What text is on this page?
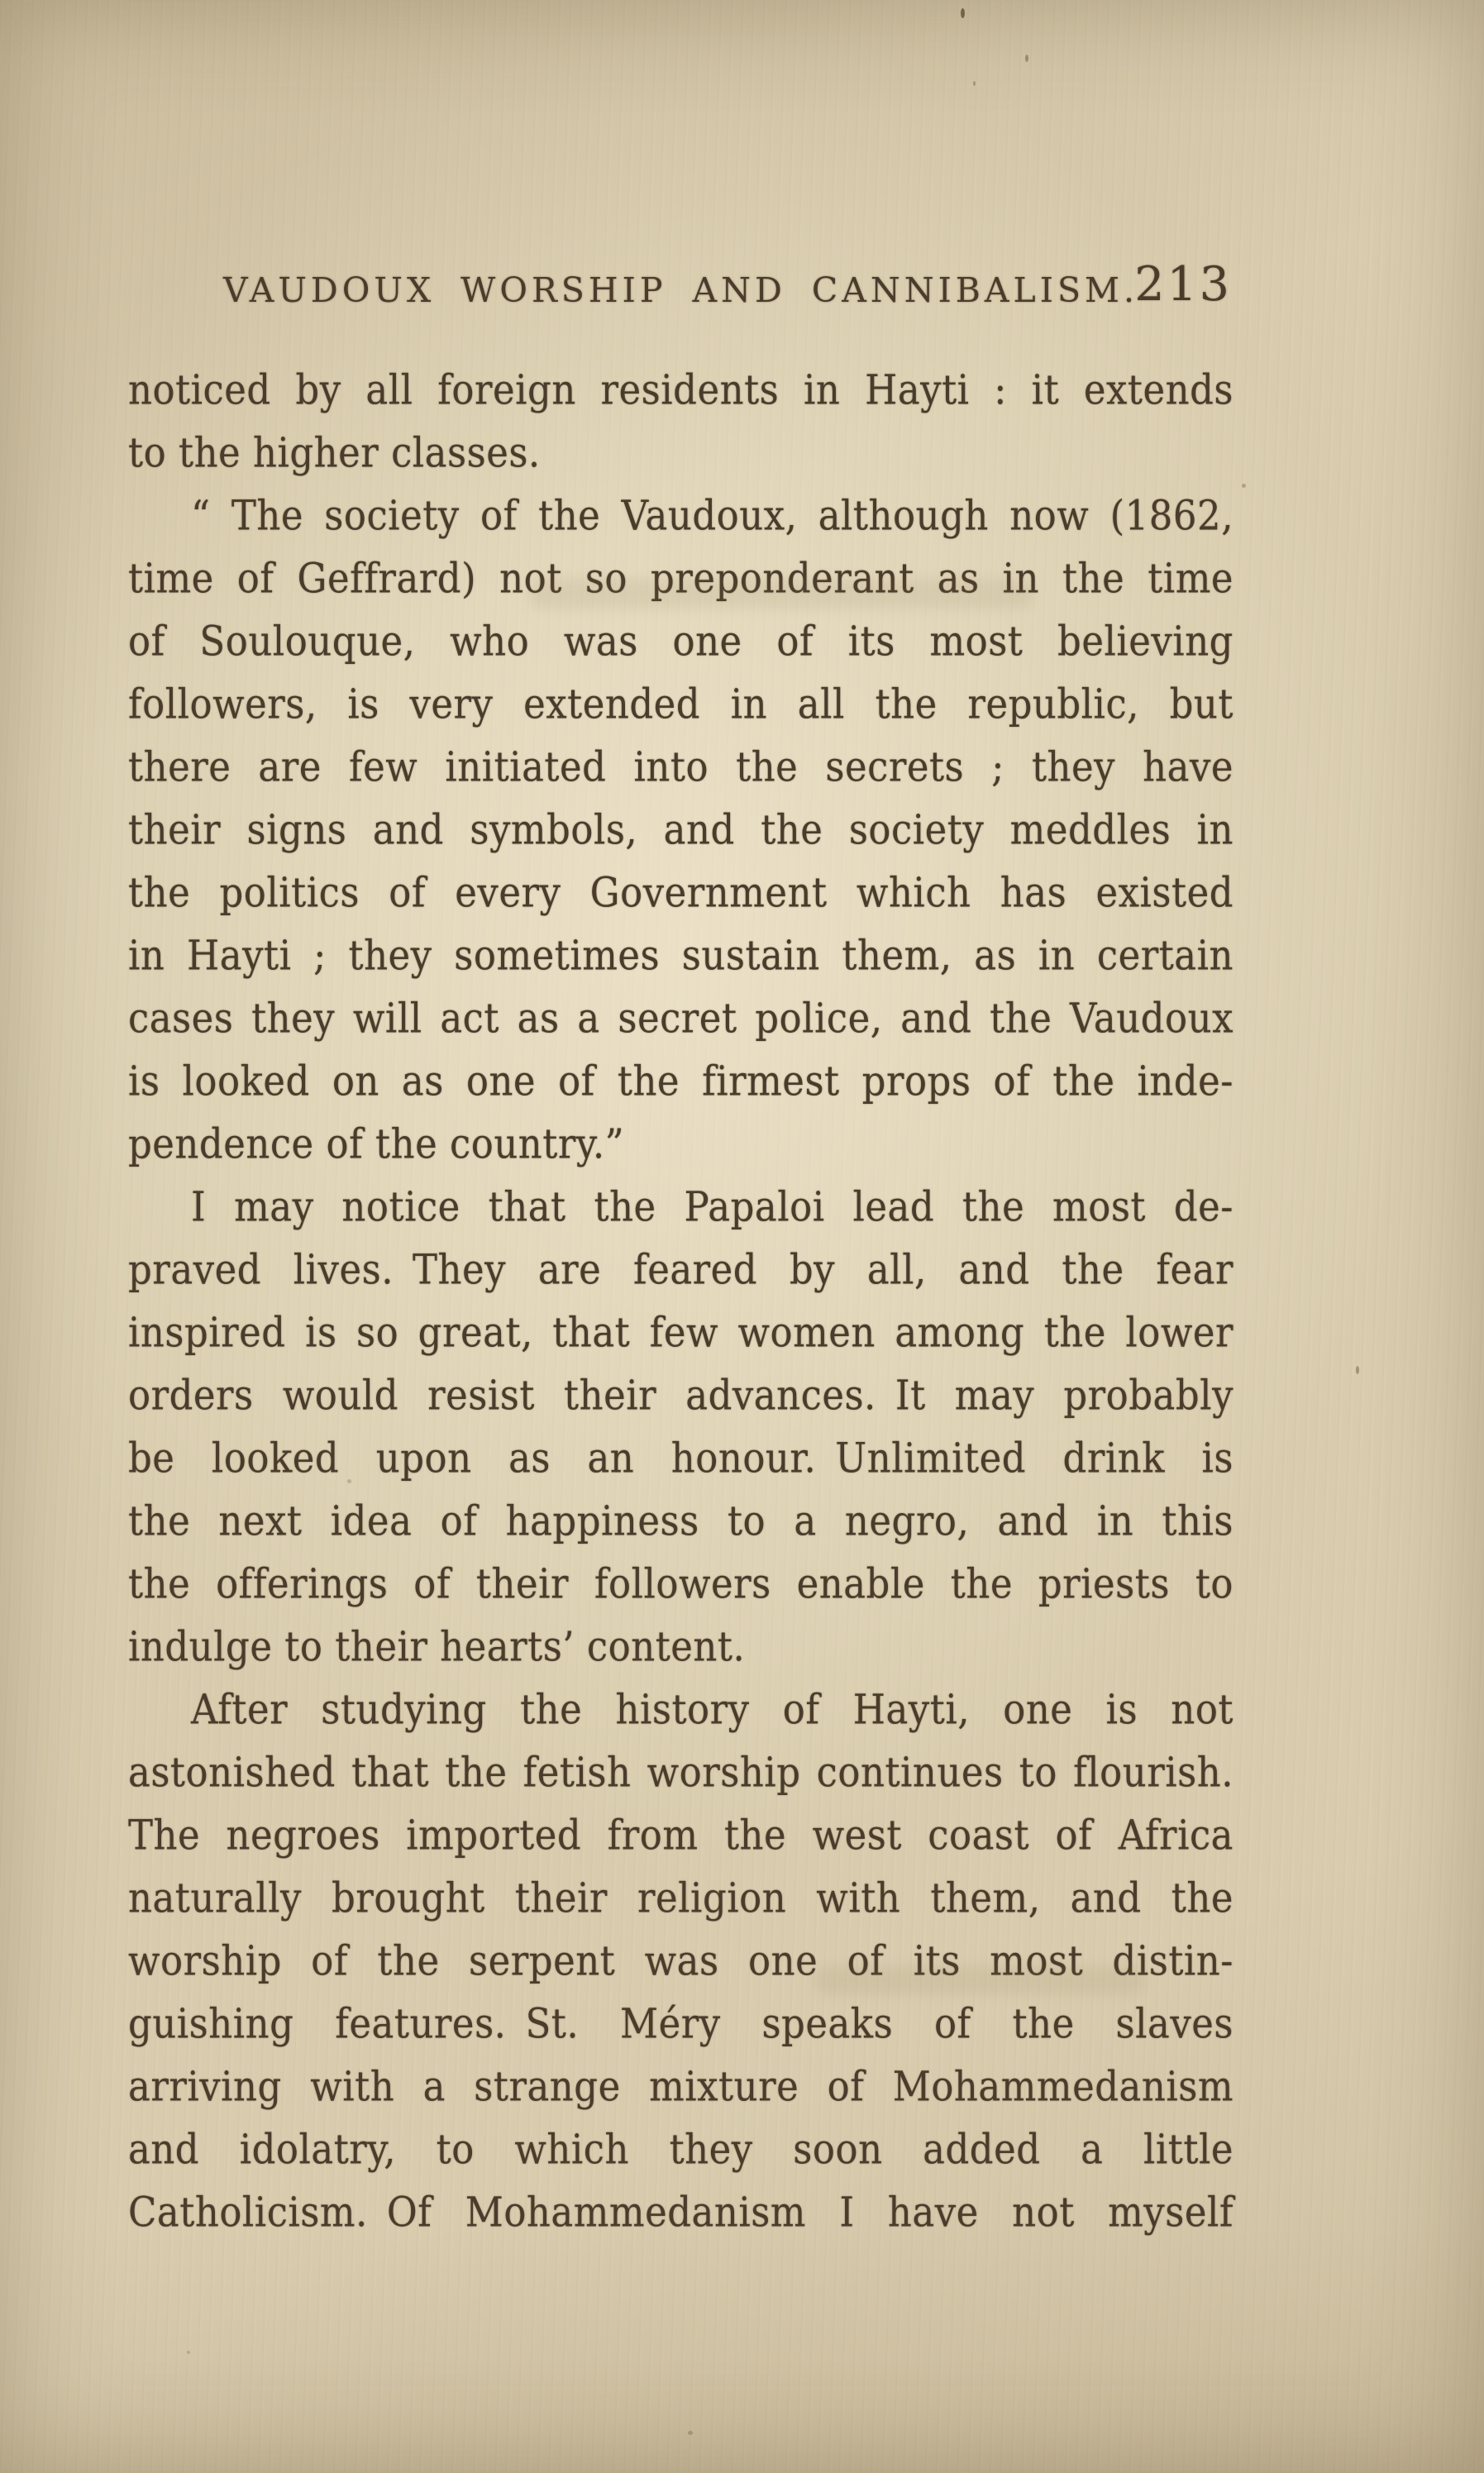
VAUDOUX WORSHIP AND CANNIBALISM.
213
noticed by all foreign residents in Hayti : it extends
to the higher classes.
“ The society of the Vaudoux, although now (1862,
time of Geffrard) not so preponderant as in the time
of Soulouque, who was one of its most believing
followers, is very extended in all the republic, but
there are few initiated into the secrets ; they have
their signs and symbols, and the society meddles in
the politics of every Government which has existed
in Hayti ; they sometimes sustain them, as in certain
cases they will act as a secret police, and the Vaudoux
is looked on as one of the firmest props of the inde-
pendence of the country.”
I may notice that the Papaloi lead the most de-
praved lives. They are feared by all, and the fear
inspired is so great, that few women among the lower
orders would resist their advances. It may probably
be looked upon as an honour. Unlimited drink is
the next idea of happiness to a negro, and in this
the offerings of their followers enable the priests to
indulge to their hearts’ content.
After studying the history of Hayti, one is not
astonished that the fetish worship continues to flourish.
The negroes imported from the west coast of Africa
naturally brought their religion with them, and the
worship of the serpent was one of its most distin-
guishing features. St. Méry speaks of the slaves
arriving with a strange mixture of Mohammedanism
and idolatry, to which they soon added a little
Catholicism. Of Mohammedanism I have not myself
